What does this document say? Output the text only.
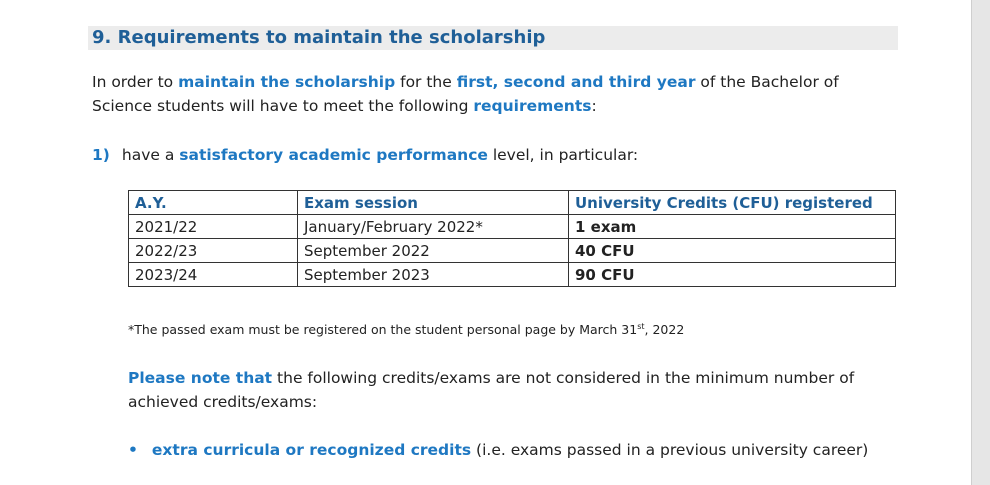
9. Requirements to maintain the scholarship
In order to maintain the scholarship for the first, second and third year of the Bachelor of Science students will have to meet the following requirements:
1) have a satisfactory academic performance level, in particular:
A.Y.	Exam session	University Credits (CFU) registered
2021/22	January/February 2022*	1 exam
2022/23	September 2022	40 CFU
2023/24	September 2023	90 CFU
*The passed exam must be registered on the student personal page by March 31st, 2022
Please note that the following credits/exams are not considered in the minimum number of achieved credits/exams:
• extra curricula or recognized credits (i.e. exams passed in a previous university career)
